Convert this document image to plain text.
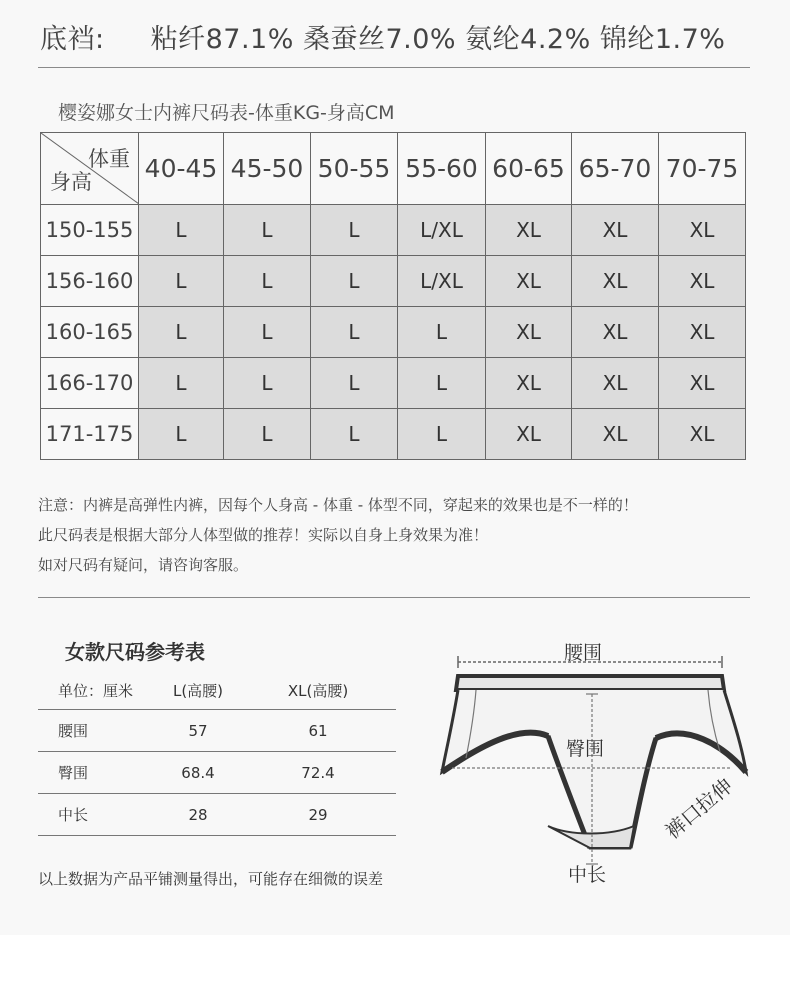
底裆: 粘纤87.1% 桑蚕丝7.0% 氨纶4.2% 锦纶1.7%
樱姿娜女士内裤尺码表-体重KG-身高CM
体重
身高	40-45	45-50	50-55	55-60	60-65	65-70	70-75
150-155	L	L	L	L/XL	XL	XL	XL
156-160	L	L	L	L/XL	XL	XL	XL
160-165	L	L	L	L	XL	XL	XL
166-170	L	L	L	L	XL	XL	XL
171-175	L	L	L	L	XL	XL	XL
注意：内裤是高弹性内裤，因每个人身高 - 体重 - 体型不同，穿起来的效果也是不一样的！
此尺码表是根据大部分人体型做的推荐！实际以自身上身效果为准！
如对尺码有疑问，请咨询客服。
女款尺码参考表
单位：厘米	L(高腰)	XL(高腰)
腰围	57	61
臀围	68.4	72.4
中长	28	29
以上数据为产品平铺测量得出，可能存在细微的误差
腰围
臀围
中长
裤口拉伸
